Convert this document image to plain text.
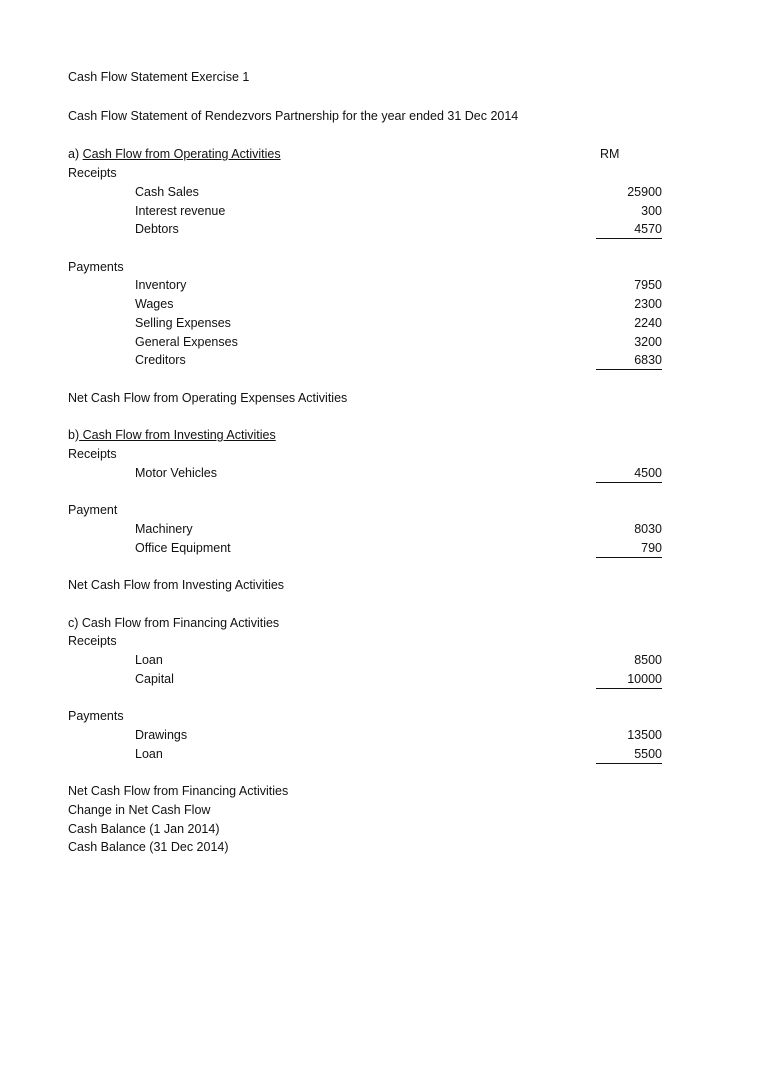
Cash Flow Statement Exercise 1
Cash Flow Statement of Rendezvors Partnership for the year ended 31 Dec 2014
a) Cash Flow from Operating Activities	RM
Receipts
Cash Sales	25900
Interest revenue	300
Debtors	4570
Payments
Inventory	7950
Wages	2300
Selling Expenses	2240
General Expenses	3200
Creditors	6830
Net Cash Flow from Operating Expenses Activities
b) Cash Flow from Investing Activities
Receipts
Motor Vehicles	4500
Payment
Machinery	8030
Office Equipment	790
Net Cash Flow from Investing Activities
c) Cash Flow from Financing Activities
Receipts
Loan	8500
Capital	10000
Payments
Drawings	13500
Loan	5500
Net Cash Flow from Financing Activities
Change in Net Cash Flow
Cash Balance (1 Jan 2014)
Cash Balance (31 Dec 2014)
